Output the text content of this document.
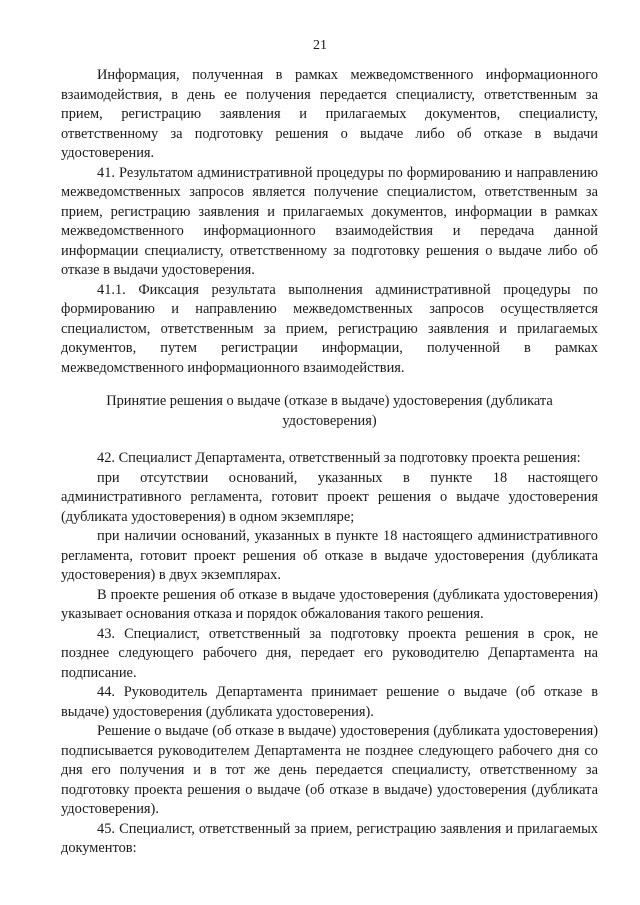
21

Информация, полученная в рамках межведомственного информационного взаимодействия, в день ее получения передается специалисту, ответственным за прием, регистрацию заявления и прилагаемых документов, специалисту, ответственному за подготовку решения о выдаче либо об отказе в выдачи удостоверения.

41. Результатом административной процедуры по формированию и направлению межведомственных запросов является получение специалистом, ответственным за прием, регистрацию заявления и прилагаемых документов, информации в рамках межведомственного информационного взаимодействия и передача данной информации специалисту, ответственному за подготовку решения о выдаче либо об отказе в выдачи удостоверения.

41.1. Фиксация результата выполнения административной процедуры по формированию и направлению межведомственных запросов осуществляется специалистом, ответственным за прием, регистрацию заявления и прилагаемых документов, путем регистрации информации, полученной в рамках межведомственного информационного взаимодействия.

Принятие решения о выдаче (отказе в выдаче) удостоверения (дубликата удостоверения)

42. Специалист Департамента, ответственный за подготовку проекта решения:

при отсутствии оснований, указанных в пункте 18 настоящего административного регламента, готовит проект решения о выдаче удостоверения (дубликата удостоверения) в одном экземпляре;

при наличии оснований, указанных в пункте 18 настоящего административного регламента, готовит проект решения об отказе в выдаче удостоверения (дубликата удостоверения) в двух экземплярах.

В проекте решения об отказе в выдаче удостоверения (дубликата удостоверения) указывает основания отказа и порядок обжалования такого решения.

43. Специалист, ответственный за подготовку проекта решения в срок, не позднее следующего рабочего дня, передает его руководителю Департамента на подписание.

44. Руководитель Департамента принимает решение о выдаче (об отказе в выдаче) удостоверения (дубликата удостоверения).

Решение о выдаче (об отказе в выдаче) удостоверения (дубликата удостоверения) подписывается руководителем Департамента не позднее следующего рабочего дня со дня его получения и в тот же день передается специалисту, ответственному за подготовку проекта решения о выдаче (об отказе в выдаче) удостоверения (дубликата удостоверения).

45. Специалист, ответственный за прием, регистрацию заявления и прилагаемых документов:
